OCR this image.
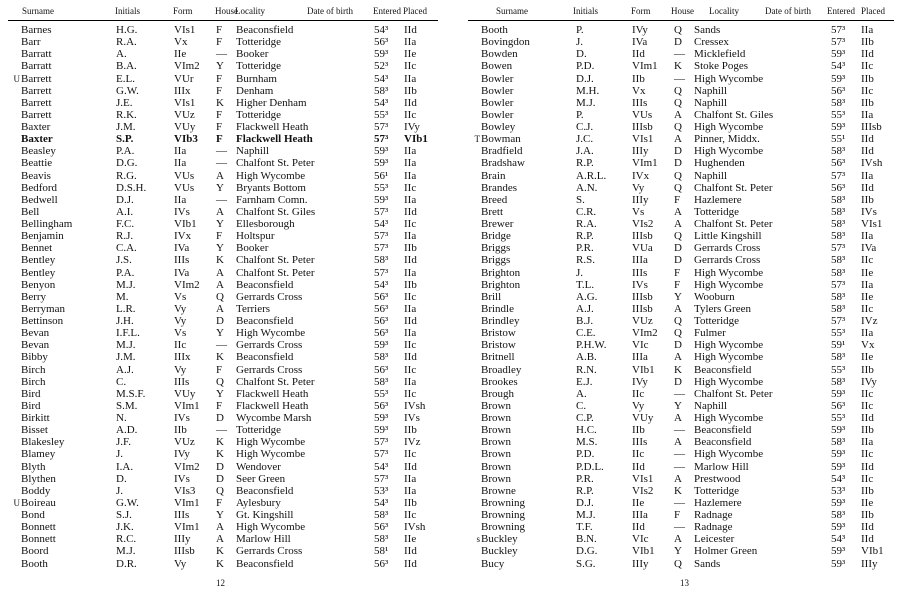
Surname	Initials	Form	House
Locality	Date of birth	Entered Placed
Barnes	H.G.	VIs1	F	Beaconsfield	54³	IId
Barr	R.A.	Vx	F	Totteridge	56³	IIa
Barratt	A.	IIe	— Booker	59³	IIe
Barratt	B.A.	VIm2	Y	Totteridge	52³	IIc
U Barrett	E.L.	VUr	F	Burnham	54³	IIa
Barrett	G.W.	IIIx	F	Denham	58³	IIb
Barrett	J.E.	VIs1	K	Higher Denham	54³	IId
Barrett	R.K.	VUz	F	Totteridge	55³	IIc
Baxter	J.M.	VUy	F	Flackwell Heath	57³	IVy
Baxter	S.P.	VIb3	F	Flackwell Heath	57³	VIb1
Beasley	P.A.	IIa	— Naphill	59³	IIa
Beattie	D.G.	IIa	— Chalfont St. Peter	59³	IIa
Beavis	R.G.	VUs	A	High Wycombe	56¹	IIa
Bedford	D.S.H.	VUs	Y	Bryants Bottom	55³	IIc
Bedwell	D.J.	IIa	— Farnham Comn.	59³	IIa
Bell	A.I.	IVs	A	Chalfont St. Giles	57³	IId
Bellingham	F.C.	VIb1	Y	Ellesborough	54³	IIc
Benjamin	R.J.	IVx	F	Holtspur	57³	IIa
Bennet	C.A.	IVa	Y	Booker	57³	IIb
Bentley	J.S.	IIIs	K	Chalfont St. Peter	58³	IId
Bentley	P.A.	IVa	A	Chalfont St. Peter	57³	IIa
Benyon	M.J.	VIm2	A	Beaconsfield	54³	IIb
Berry	M.	Vs	Q	Gerrards Cross	56³	IIc
Berryman	L.R.	Vy	A	Terriers	56³	IIa
Bettinson	J.H.	Vy	D	Beaconsfield	56³	IId
Bevan	I.F.L.	Vs	Y	High Wycombe	56³	IIa
Bevan	M.J.	IIc	— Gerrards Cross	59³	IIc
Bibby	J.M.	IIIx	K	Beaconsfield	58³	IId
Birch	A.J.	Vy	F	Gerrards Cross	56³	IIc
Birch	C.	IIIs	Q	Chalfont St. Peter	58³	IIa
Bird	M.S.F.	VUy	Y	Flackwell Heath	55³	IIc
Bird	S.M.	VIm1	F	Flackwell Heath	56³	IVsh
Birkitt	N.	IVs	D	Wycombe Marsh	59³	IVs
Bisset	A.D.	IIb	— Totteridge	59³	IIb
Blakesley	J.F.	VUz	K	High Wycombe	57³	IVz
Blamey	J.	IVy	K	High Wycombe	57³	IIc
Blyth	I.A.	VIm2	D	Wendover	54³	IId
Blythen	D.	IVs	D	Seer Green	57³	IIa
Boddy	J.	VIs3	Q	Beaconsfield	53³	IIa
U Boireau	G.W.	VIm1	F	Aylesbury	54³	IIb
Bond	S.J.	IIIs	Y	Gt. Kingshill	58³	IIc
Bonnett	J.K.	VIm1	A	High Wycombe	56³	IVsh
Bonnett	R.C.	IIIy	A	Marlow Hill	58³	IIe
Boord	M.J.	IIIsb	K	Gerrards Cross	58¹	IId
Booth	D.R.	Vy	K	Beaconsfield	56³	IId
12
Surname	Initials	Form	House	Locality	Date of birth	Entered Placed
Booth	P.	IVy	Q	Sands	57³	IIa
Bovingdon	J.	IVa	D	Cressex	57³	IIb
Bowden	D.	IId	— Micklefield	59³	IId
Bowen	P.D.	VIm1	K	Stoke Poges	54³	IIc
Bowler	D.J.	IIb	— High Wycombe	59³	IIb
Bowler	M.H.	Vx	Q	Naphill	56³	IIc
Bowler	M.J.	IIIs	Q	Naphill	58³	IIb
Bowler	P.	VUs	A	Chalfont St. Giles	55³	IIa
Bowley	C.J.	IIIsb	Q	High Wycombe	59³	IIIsb
T Bowman	J.C.	VIs1	A	Pinner, Middx.	55¹	IId
Bradfield	J.A.	IIIy	D	High Wycombe	58³	IId
Bradshaw	R.P.	VIm1	D	Hughenden	56³	IVsh
Brain	A.R.L.	IVx	Q	Naphill	57³	IIa
Brandes	A.N.	Vy	Q	Chalfont St. Peter	56³	IId
Breed	S.	IIIy	F	Hazlemere	58³	IIb
Brett	C.R.	Vs	A	Totteridge	58³	IVs
Brewer	R.A.	VIs2	A	Chalfont St. Peter	58³	VIs1
Bridge	R.P.	IIIsb	Q	Little Kingshill	58³	IIa
Briggs	P.R.	VUa	D	Gerrards Cross	57³	IVa
Briggs	R.S.	IIIa	D	Gerrards Cross	58³	IIc
Brighton	J.	IIIs	F	High Wycombe	58³	IIe
Brighton	T.L.	IVs	F	High Wycombe	57³	IIa
Brill	A.G.	IIIsb	Y	Wooburn	58³	IIe
Brindle	A.J.	IIIsb	A	Tylers Green	58³	IIc
Brindley	B.J.	VUz	Q	Totteridge	57³	IVz
Bristow	C.E.	VIm2	Q	Fulmer	55³	IIa
Bristow	P.H.W.	VIc	D	High Wycombe	59¹	Vx
Britnell	A.B.	IIIa	A	High Wycombe	58³	IIe
Broadley	R.N.	VIb1	K	Beaconsfield	55³	IIb
Brookes	E.J.	IVy	D	High Wycombe	58³	IVy
Brough	A.	IIc	— Chalfont St. Peter	59³	IIc
Brown	C.	Vy	Y	Naphill	56³	IIc
Brown	C.P.	VUy	A	High Wycombe	55³	IId
Brown	H.C.	IIb	— Beaconsfield	59³	IIb
Brown	M.S.	IIIs	A	Beaconsfield	58³	IIa
Brown	P.D.	IIc	— High Wycombe	59³	IIc
Brown	P.D.L.	IId	— Marlow Hill	59³	IId
Brown	P.R.	VIs1	A	Prestwood	54³	IIc
Browne	R.P.	VIs2	K	Totteridge	53³	IIb
Browning	D.J.	IIe	— Hazlemere	59³	IIe
Browning	M.J.	IIIa	F	Radnage	58³	IIb
Browning	T.F.	IId	— Radnage	59³	IId
s Buckley	B.N.	VIc	A	Leicester	54³	IId
Buckley	D.G.	VIb1	Y	Holmer Green	59³	VIb1
Bucy	S.G.	IIIy	Q	Sands	59³	IIIy
13
